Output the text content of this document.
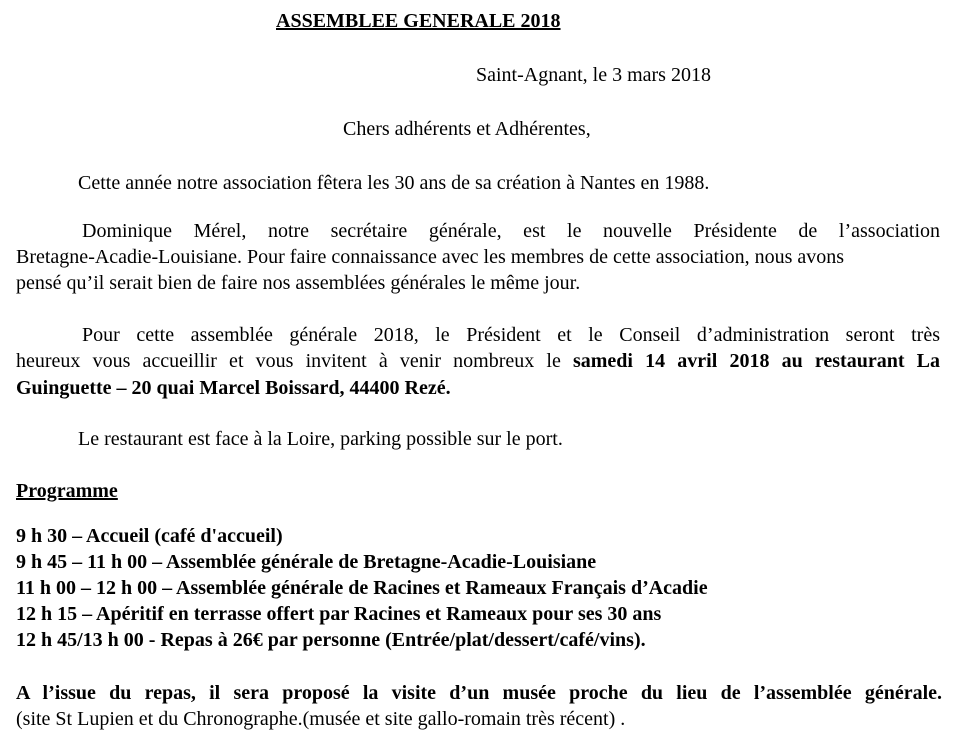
ASSEMBLEE GENERALE 2018
Saint-Agnant, le 3 mars 2018
Chers adhérents et Adhérentes,
Cette année notre association fêtera les 30 ans de sa création à Nantes en 1988.
Dominique Mérel, notre secrétaire générale, est le nouvelle Présidente de l’association
Bretagne-Acadie-Louisiane. Pour faire connaissance avec les membres de cette association, nous avons
pensé qu’il serait bien de faire nos assemblées générales le même jour.
Pour cette assemblée générale 2018, le Président et le Conseil d’administration seront très
heureux vous accueillir et vous invitent à venir nombreux le samedi 14 avril 2018 au restaurant La
Guinguette – 20 quai Marcel Boissard, 44400 Rezé.
Le restaurant est face à la Loire, parking possible sur le port.
Programme
9 h 30 – Accueil (café d'accueil)
9 h 45 – 11 h 00 – Assemblée générale de Bretagne-Acadie-Louisiane
11 h 00 – 12 h 00 – Assemblée générale de Racines et Rameaux Français d’Acadie
12 h 15 – Apéritif en terrasse offert par Racines et Rameaux pour ses 30 ans
12 h 45/13 h 00 - Repas à 26€ par personne (Entrée/plat/dessert/café/vins).
A l’issue du repas, il sera proposé la visite d’un musée proche du lieu de l’assemblée générale.
(site St Lupien et du Chronographe.(musée et site gallo-romain très récent) .
